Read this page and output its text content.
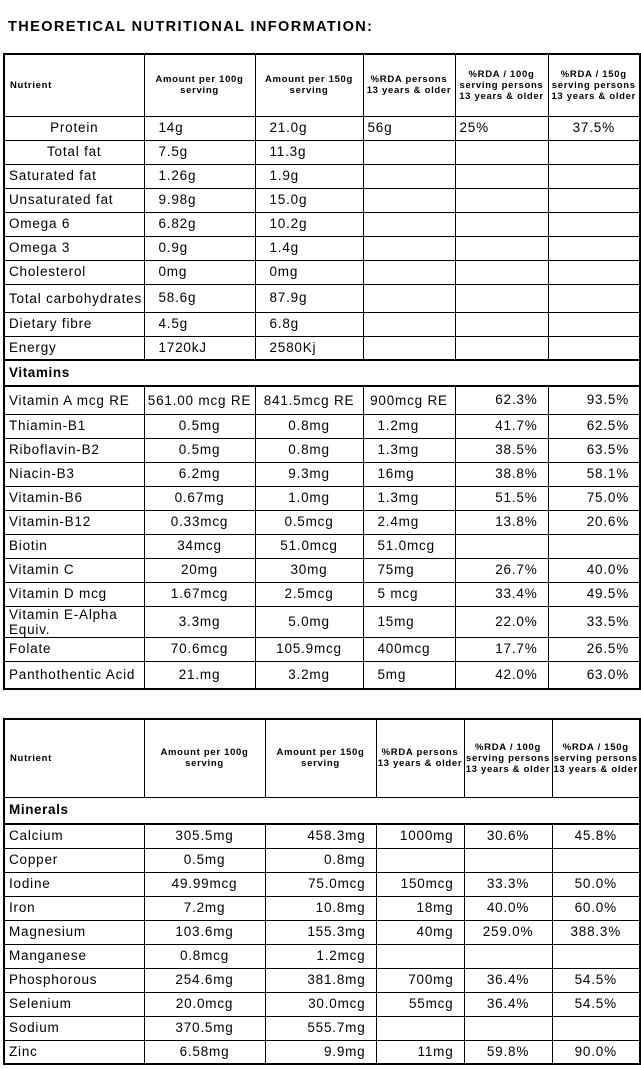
THEORETICAL NUTRITIONAL INFORMATION:
Nutrient	Amount per 100g serving	Amount per 150g serving	%RDA persons 13 years & older	%RDA / 100g serving persons 13 years & older	%RDA / 150g serving persons 13 years & older
Protein	14g	21.0g	56g	25%	37.5%
Total fat	7.5g	11.3g			
Saturated fat	1.26g	1.9g			
Unsaturated fat	9.98g	15.0g			
Omega 6	6.82g	10.2g			
Omega 3	0.9g	1.4g			
Cholesterol	0mg	0mg			
Total carbohydrates	58.6g	87.9g			
Dietary fibre	4.5g	6.8g			
Energy	1720kJ	2580Kj			
Vitamins					
Vitamin A mcg RE	561.00 mcg RE	841.5mcg RE	900mcg RE	62.3%	93.5%
Thiamin-B1	0.5mg	0.8mg	1.2mg	41.7%	62.5%
Riboflavin-B2	0.5mg	0.8mg	1.3mg	38.5%	63.5%
Niacin-B3	6.2mg	9.3mg	16mg	38.8%	58.1%
Vitamin-B6	0.67mg	1.0mg	1.3mg	51.5%	75.0%
Vitamin-B12	0.33mcg	0.5mcg	2.4mg	13.8%	20.6%
Biotin	34mcg	51.0mcg	51.0mcg		
Vitamin C	20mg	30mg	75mg	26.7%	40.0%
Vitamin D mcg	1.67mcg	2.5mcg	5 mcg	33.4%	49.5%
Vitamin E-Alpha Equiv.	3.3mg	5.0mg	15mg	22.0%	33.5%
Folate	70.6mcg	105.9mcg	400mcg	17.7%	26.5%
Panthothentic Acid	21.mg	3.2mg	5mg	42.0%	63.0%
Nutrient	Amount per 100g serving	Amount per 150g serving	%RDA persons 13 years & older	%RDA / 100g serving persons 13 years & older	%RDA / 150g serving persons 13 years & older
Minerals					
Calcium	305.5mg	458.3mg	1000mg	30.6%	45.8%
Copper	0.5mg	0.8mg			
Iodine	49.99mcg	75.0mcg	150mcg	33.3%	50.0%
Iron	7.2mg	10.8mg	18mg	40.0%	60.0%
Magnesium	103.6mg	155.3mg	40mg	259.0%	388.3%
Manganese	0.8mcg	1.2mcg			
Phosphorous	254.6mg	381.8mg	700mg	36.4%	54.5%
Selenium	20.0mcg	30.0mcg	55mcg	36.4%	54.5%
Sodium	370.5mg	555.7mg			
Zinc	6.58mg	9.9mg	11mg	59.8%	90.0%
